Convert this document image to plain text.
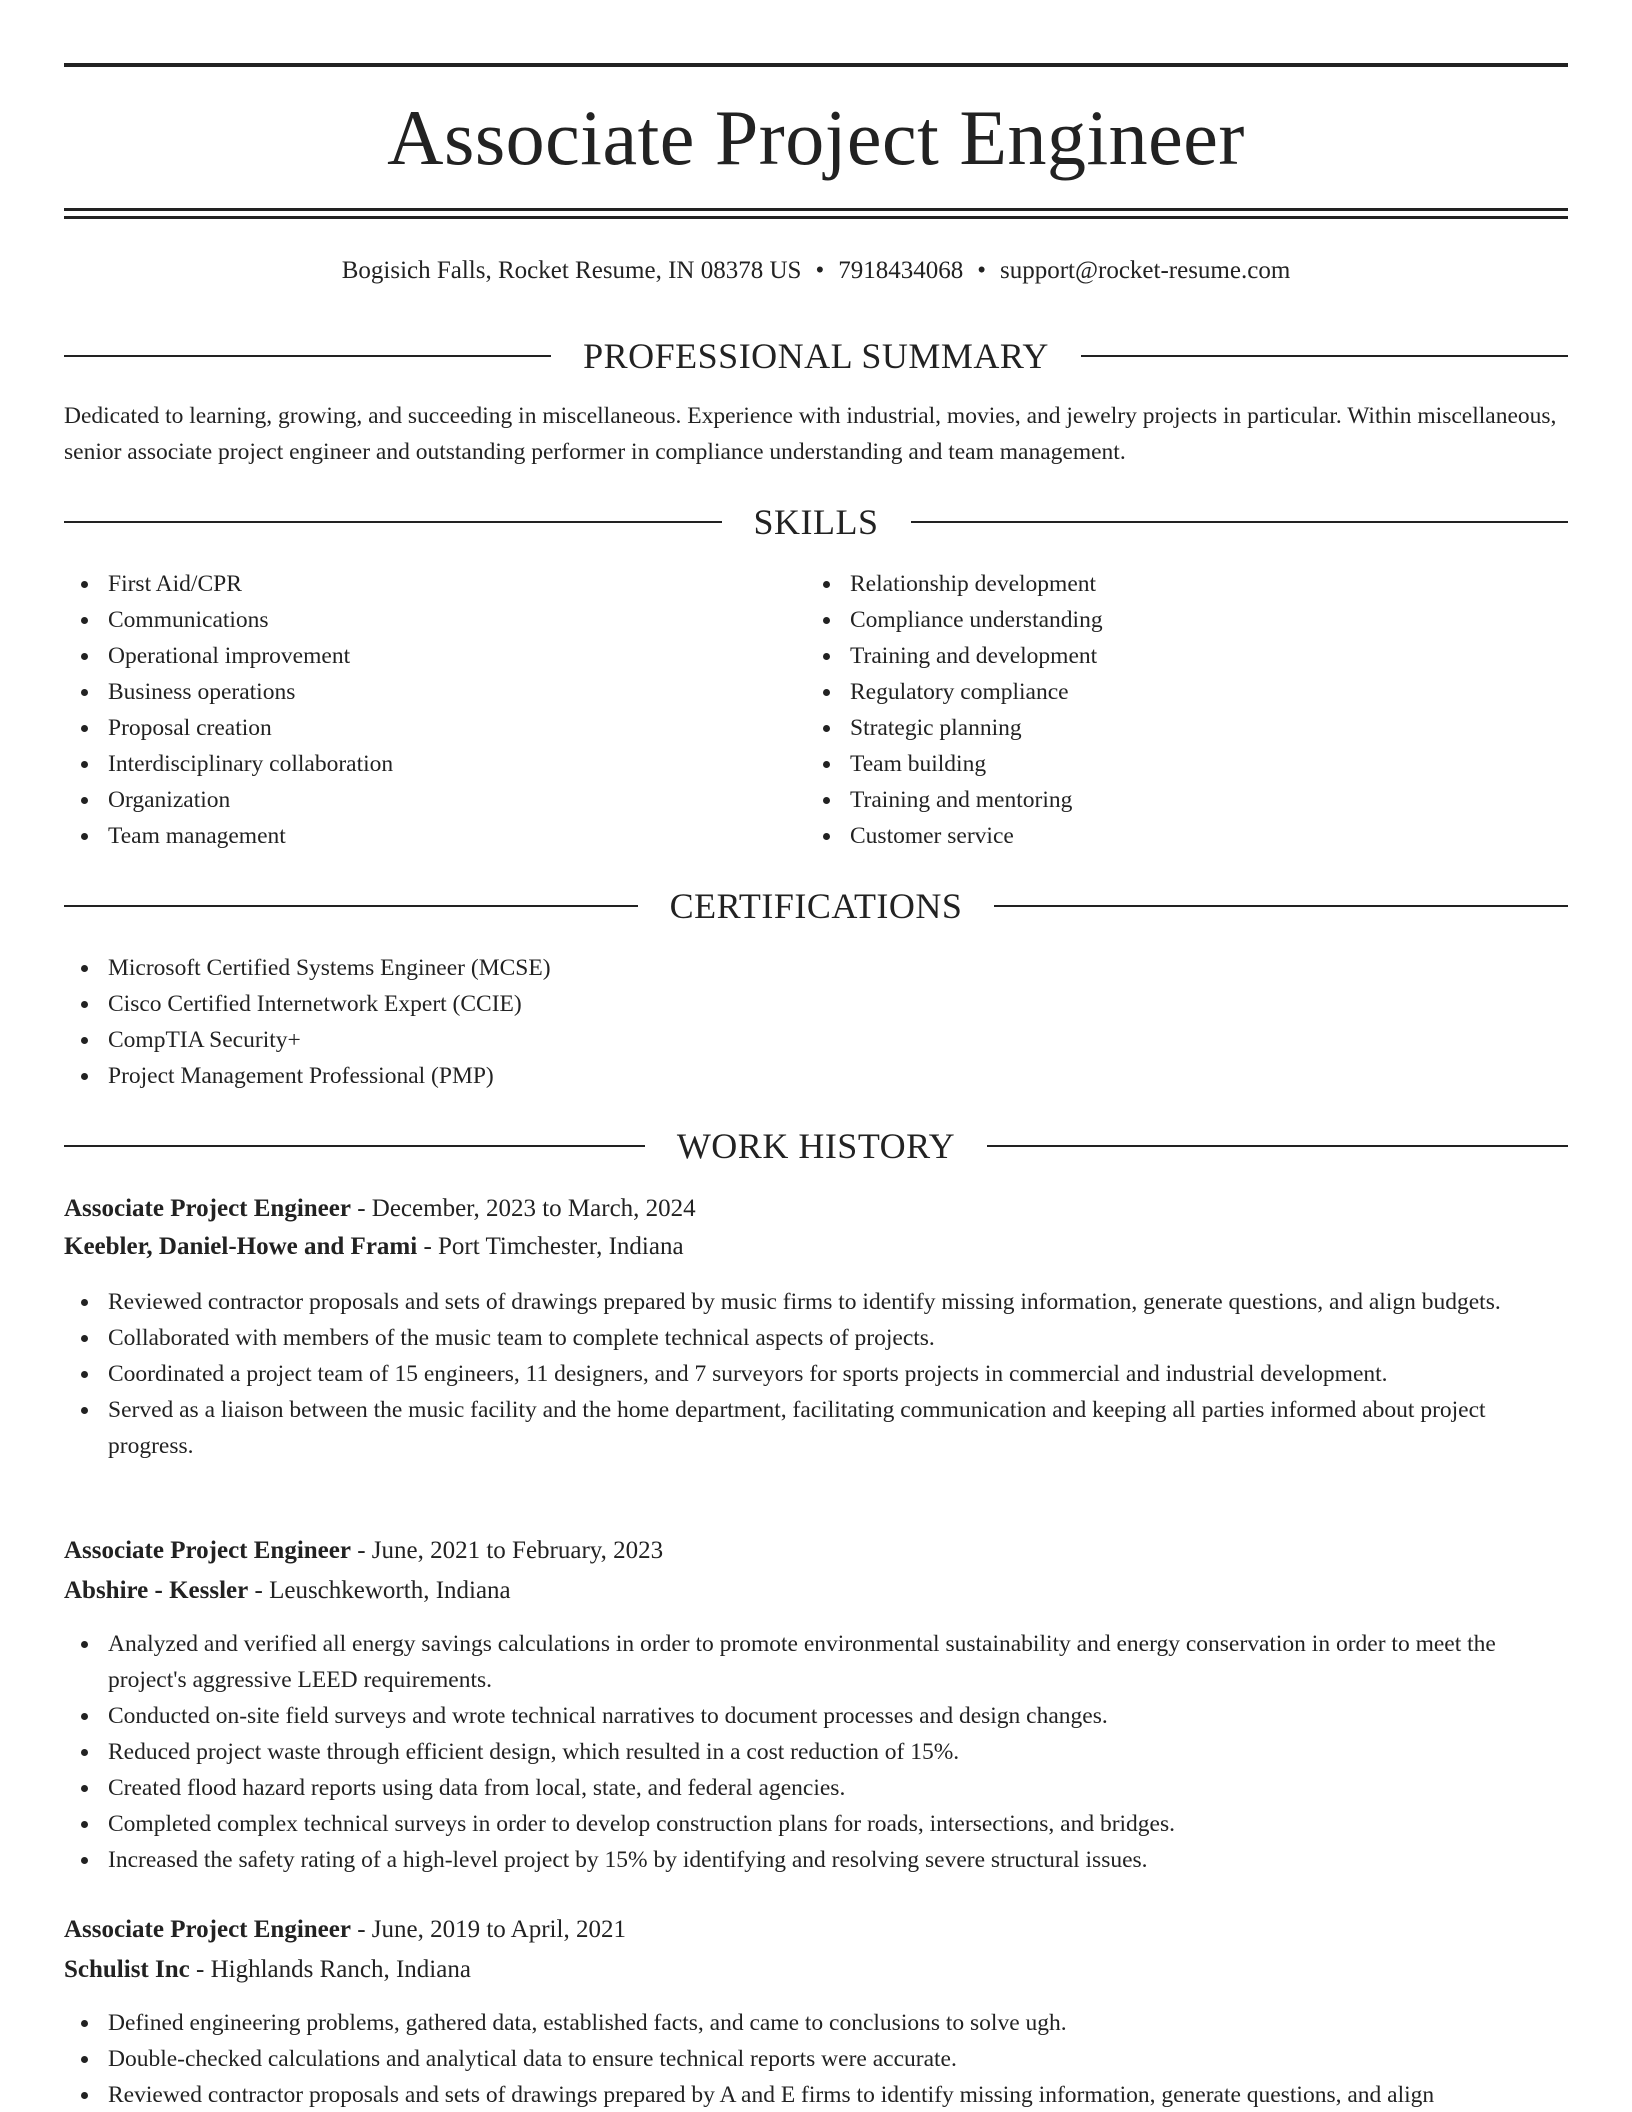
Associate Project Engineer
Bogisich Falls, Rocket Resume, IN 08378 US • 7918434068 • support@rocket-resume.com
PROFESSIONAL SUMMARY

Dedicated to learning, growing, and succeeding in miscellaneous. Experience with industrial, movies, and jewelry projects in particular. Within miscellaneous, senior associate project engineer and outstanding performer in compliance understanding and team management.

SKILLS
First Aid/CPR
Communications
Operational improvement
Business operations
Proposal creation
Interdisciplinary collaboration
Organization
Team management
Relationship development
Compliance understanding
Training and development
Regulatory compliance
Strategic planning
Team building
Training and mentoring
Customer service
CERTIFICATIONS
Microsoft Certified Systems Engineer (MCSE)
Cisco Certified Internetwork Expert (CCIE)
CompTIA Security+
Project Management Professional (PMP)
WORK HISTORY
Associate Project Engineer - December, 2023 to March, 2024
Keebler, Daniel-Howe and Frami - Port Timchester, Indiana
Reviewed contractor proposals and sets of drawings prepared by music firms to identify missing information, generate questions, and align budgets.
Collaborated with members of the music team to complete technical aspects of projects.
Coordinated a project team of 15 engineers, 11 designers, and 7 surveyors for sports projects in commercial and industrial development.
Served as a liaison between the music facility and the home department, facilitating communication and keeping all parties informed about project progress.
Associate Project Engineer - June, 2021 to February, 2023
Abshire - Kessler - Leuschkeworth, Indiana
Analyzed and verified all energy savings calculations in order to promote environmental sustainability and energy conservation in order to meet the project's aggressive LEED requirements.
Conducted on-site field surveys and wrote technical narratives to document processes and design changes.
Reduced project waste through efficient design, which resulted in a cost reduction of 15%.
Created flood hazard reports using data from local, state, and federal agencies.
Completed complex technical surveys in order to develop construction plans for roads, intersections, and bridges.
Increased the safety rating of a high-level project by 15% by identifying and resolving severe structural issues.
Associate Project Engineer - June, 2019 to April, 2021
Schulist Inc - Highlands Ranch, Indiana
Defined engineering problems, gathered data, established facts, and came to conclusions to solve ugh.
Double-checked calculations and analytical data to ensure technical reports were accurate.
Reviewed contractor proposals and sets of drawings prepared by A and E firms to identify missing information, generate questions, and align
